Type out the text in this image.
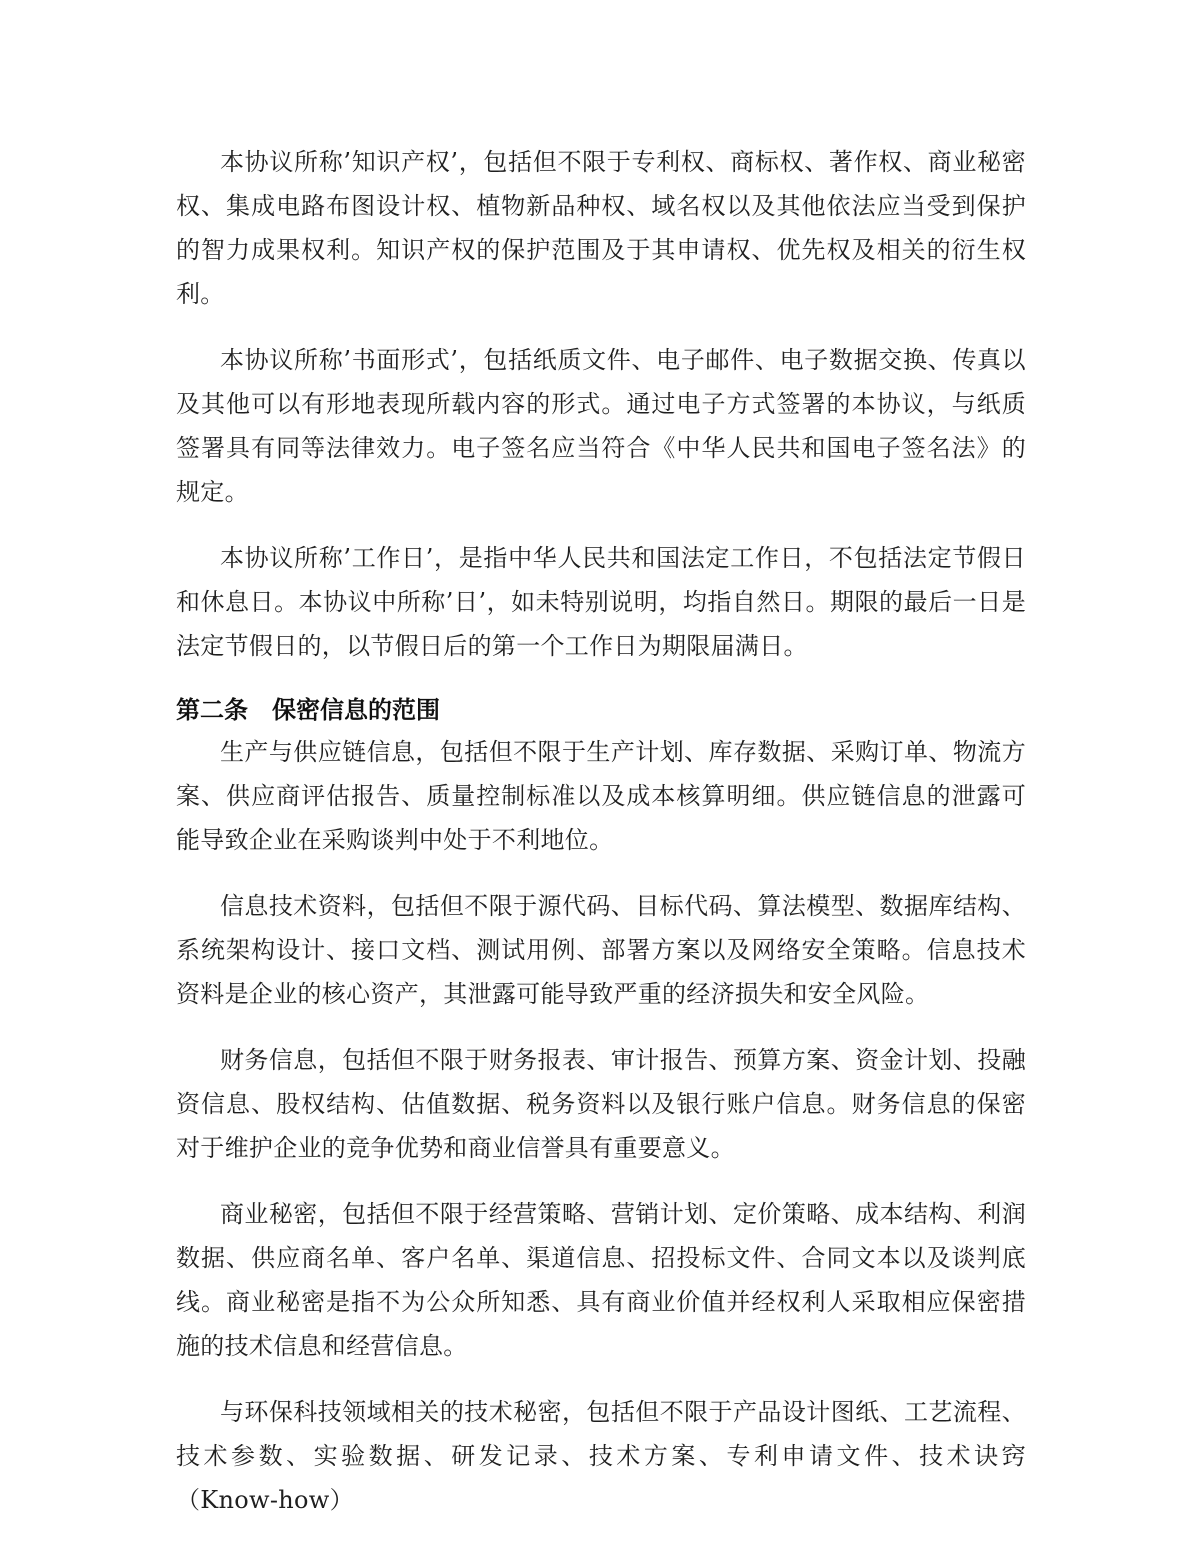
本协议所称’知识产权’，包括但不限于专利权、商标权、著作权、商业秘密权、集成电路布图设计权、植物新品种权、域名权以及其他依法应当受到保护的智力成果权利。知识产权的保护范围及于其申请权、优先权及相关的衍生权利。

本协议所称’书面形式’，包括纸质文件、电子邮件、电子数据交换、传真以及其他可以有形地表现所载内容的形式。通过电子方式签署的本协议，与纸质签署具有同等法律效力。电子签名应当符合《中华人民共和国电子签名法》的规定。

本协议所称’工作日’，是指中华人民共和国法定工作日，不包括法定节假日和休息日。本协议中所称’日’，如未特别说明，均指自然日。期限的最后一日是法定节假日的，以节假日后的第一个工作日为期限届满日。

第二条　保密信息的范围

生产与供应链信息，包括但不限于生产计划、库存数据、采购订单、物流方案、供应商评估报告、质量控制标准以及成本核算明细。供应链信息的泄露可能导致企业在采购谈判中处于不利地位。

信息技术资料，包括但不限于源代码、目标代码、算法模型、数据库结构、系统架构设计、接口文档、测试用例、部署方案以及网络安全策略。信息技术资料是企业的核心资产，其泄露可能导致严重的经济损失和安全风险。

财务信息，包括但不限于财务报表、审计报告、预算方案、资金计划、投融资信息、股权结构、估值数据、税务资料以及银行账户信息。财务信息的保密对于维护企业的竞争优势和商业信誉具有重要意义。

商业秘密，包括但不限于经营策略、营销计划、定价策略、成本结构、利润数据、供应商名单、客户名单、渠道信息、招投标文件、合同文本以及谈判底线。商业秘密是指不为公众所知悉、具有商业价值并经权利人采取相应保密措施的技术信息和经营信息。

与环保科技领域相关的技术秘密，包括但不限于产品设计图纸、工艺流程、技术参数、实验数据、研发记录、技术方案、专利申请文件、技术诀窍（Know-how）
